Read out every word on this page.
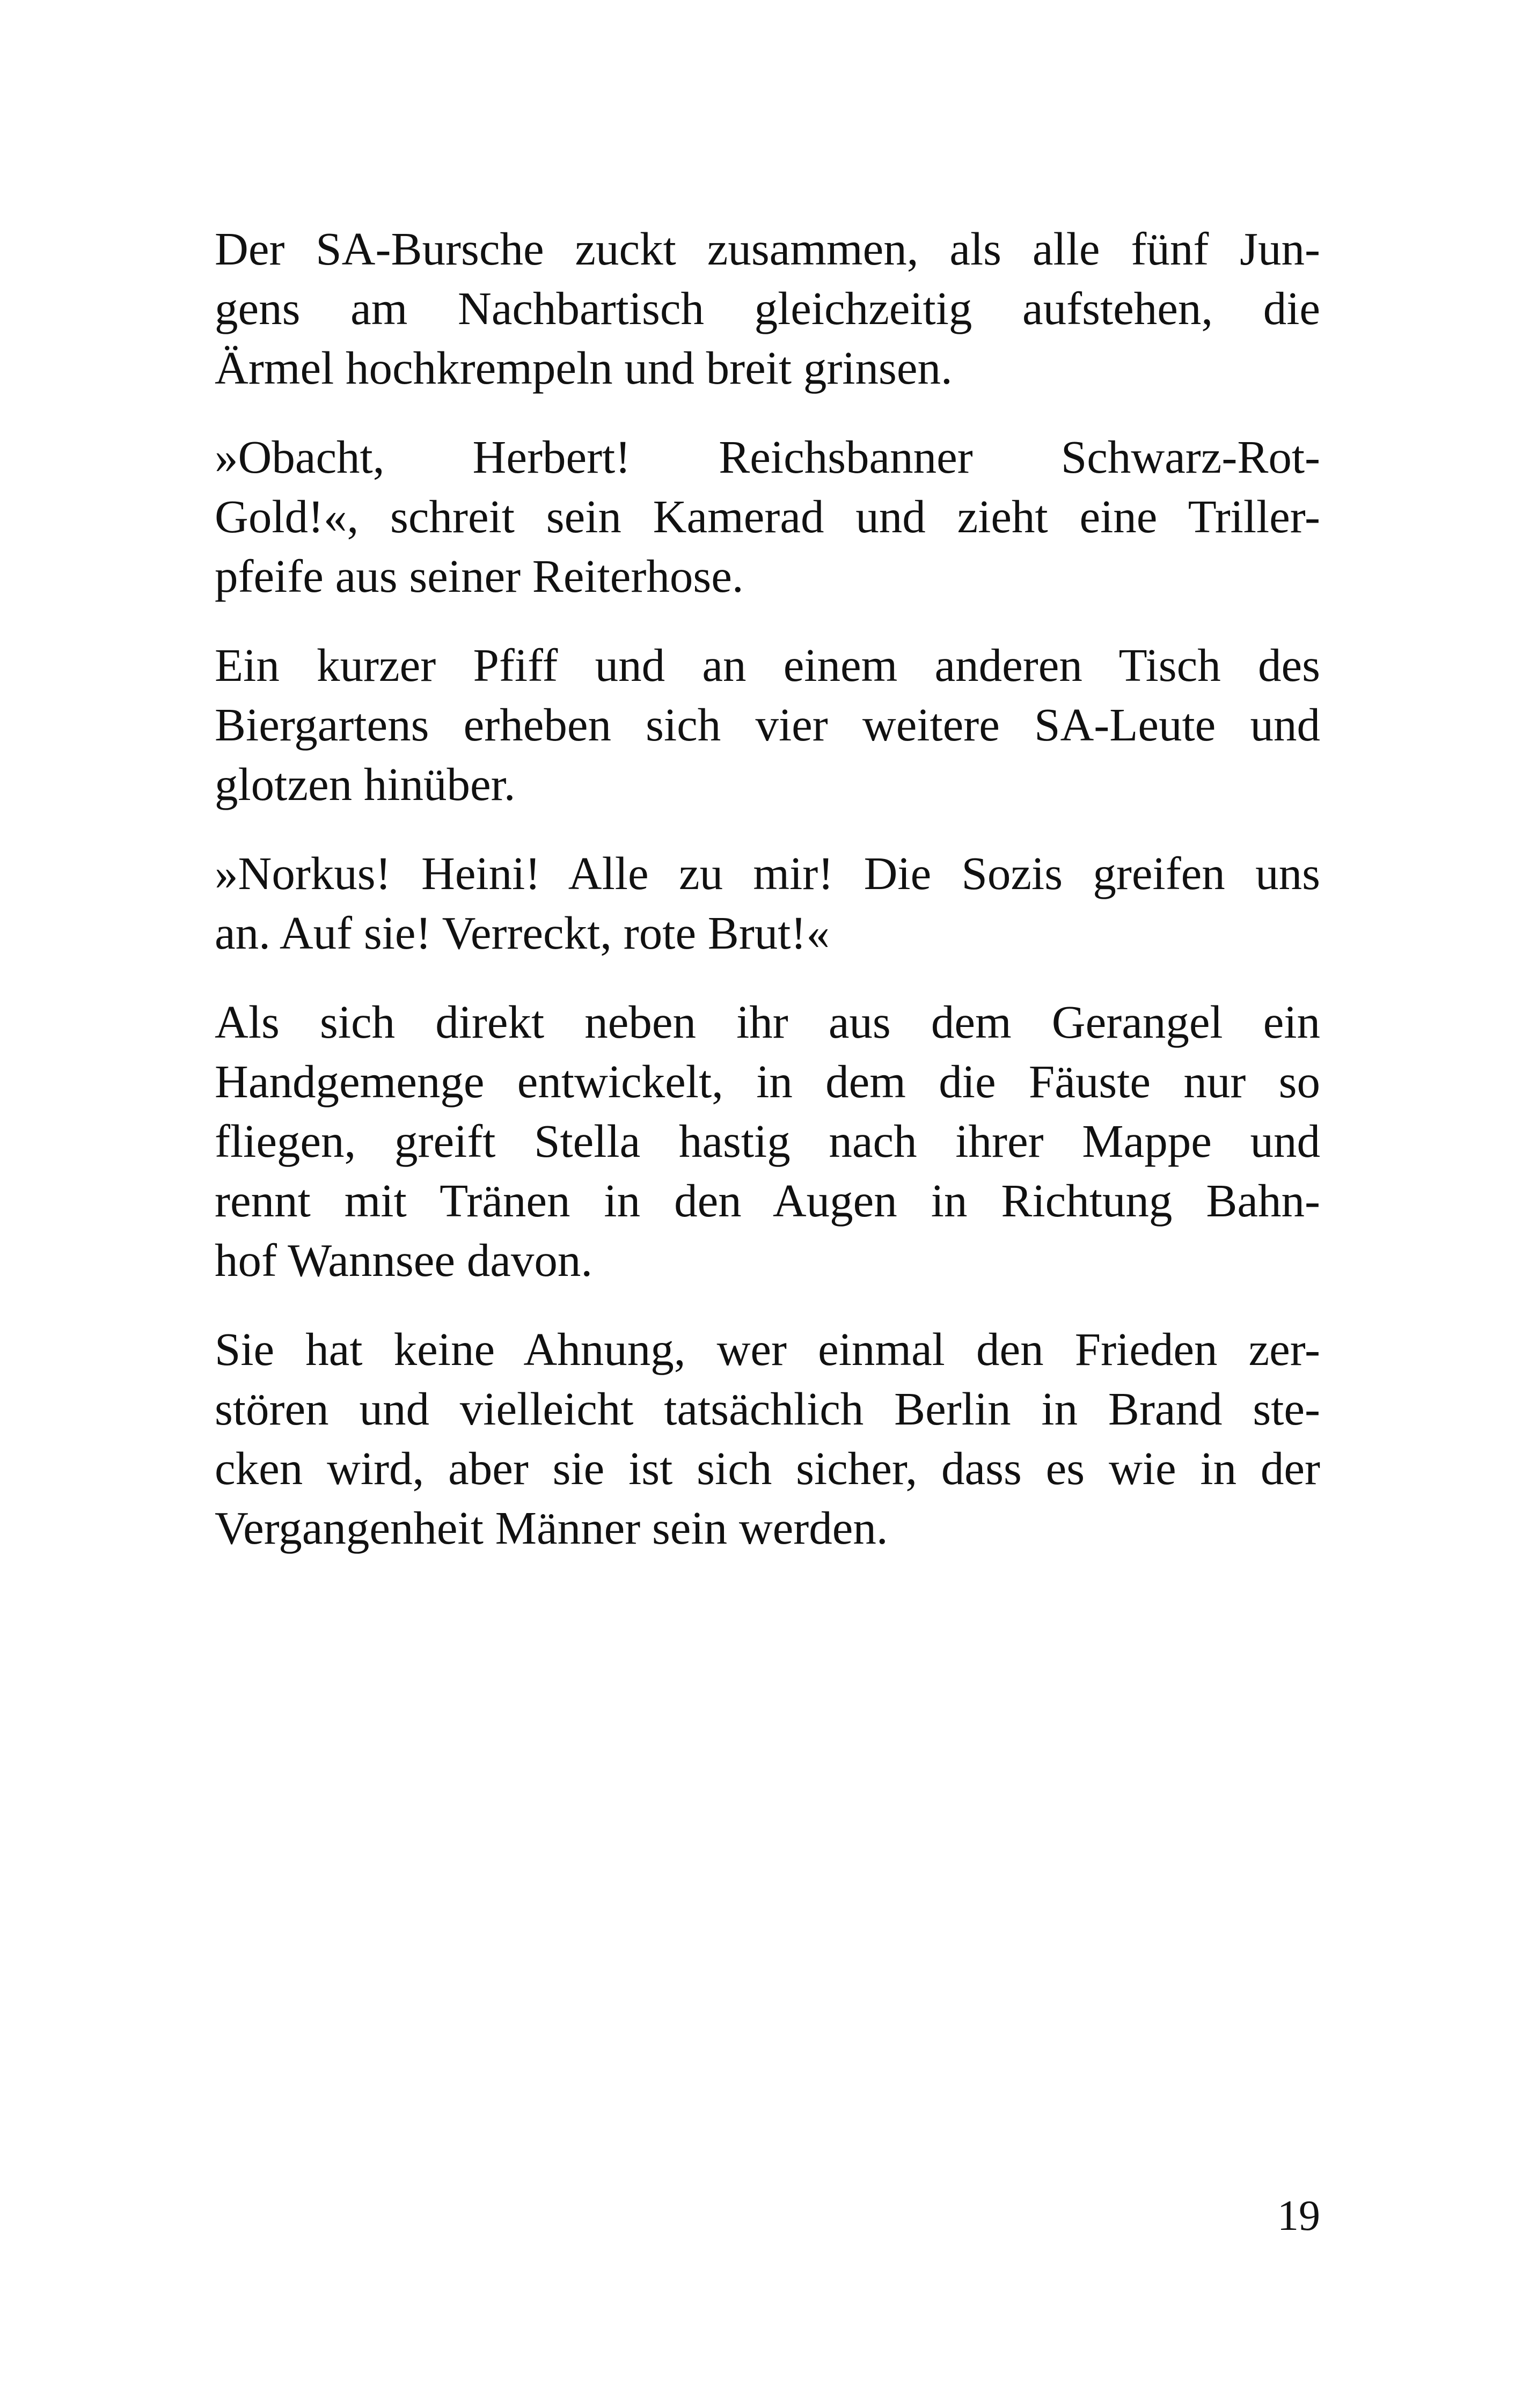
Der SA-Bursche zuckt zusammen, als alle fünf Jun-
gens am Nachbartisch gleichzeitig aufstehen, die
Ärmel hochkrempeln und breit grinsen.

»Obacht, Herbert! Reichsbanner Schwarz-Rot-
Gold!«, schreit sein Kamerad und zieht eine Triller-
pfeife aus seiner Reiterhose.

Ein kurzer Pfiff und an einem anderen Tisch des
Biergartens erheben sich vier weitere SA-Leute und
glotzen hinüber.

»Norkus! Heini! Alle zu mir! Die Sozis greifen uns
an. Auf sie! Verreckt, rote Brut!«

Als sich direkt neben ihr aus dem Gerangel ein
Handgemenge entwickelt, in dem die Fäuste nur so
fliegen, greift Stella hastig nach ihrer Mappe und
rennt mit Tränen in den Augen in Richtung Bahn-
hof Wannsee davon.

Sie hat keine Ahnung, wer einmal den Frieden zer-
stören und vielleicht tatsächlich Berlin in Brand ste-
cken wird, aber sie ist sich sicher, dass es wie in der
Vergangenheit Männer sein werden.

19
